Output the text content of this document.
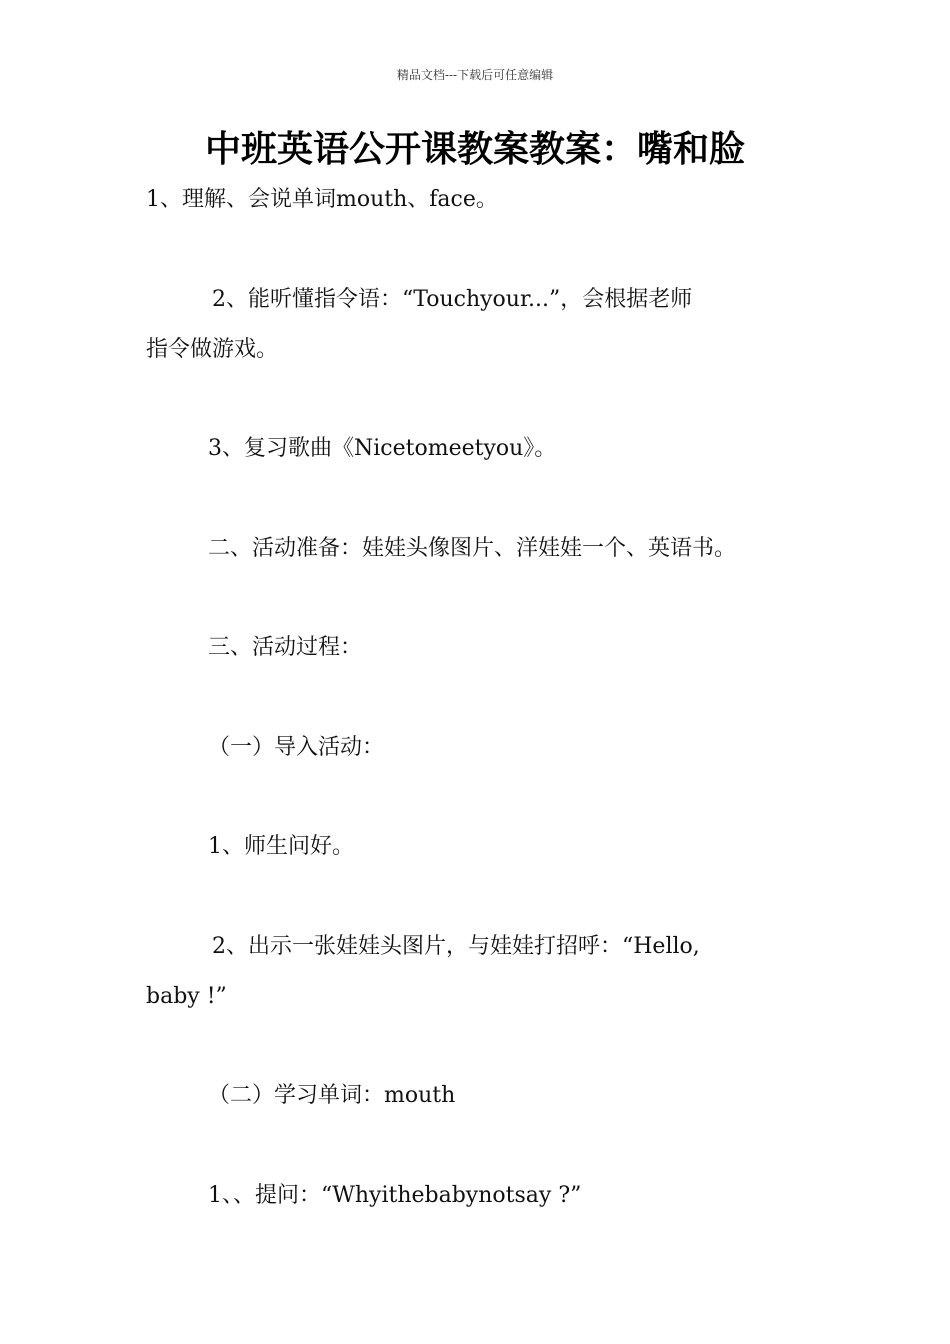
精品文档---下载后可任意编辑
中班英语公开课教案教案：嘴和脸
1、理解、会说单词mouth、face。
2、能听懂指令语：“Touchyour...”，会根据老师
指令做游戏。
3、复习歌曲《Nicetomeetyou》。
二、活动准备：娃娃头像图片、洋娃娃一个、英语书。
三、活动过程：
（一）导入活动：
1、师生问好。
2、出示一张娃娃头图片，与娃娃打招呼：“Hello,
baby !”
（二）学习单词：mouth
1、、提问：“Whyithebabynotsay ?”
